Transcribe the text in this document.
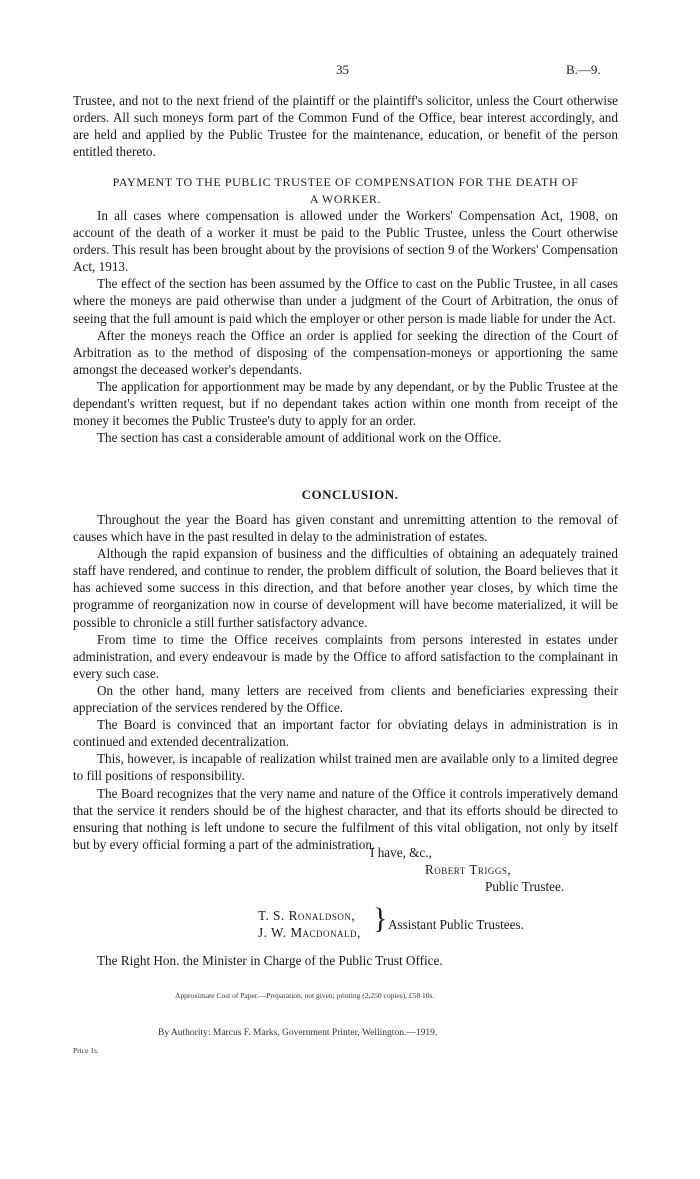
35	B.—9.

Trustee, and not to the next friend of the plaintiff or the plaintiff's solicitor, unless the Court otherwise orders. All such moneys form part of the Common Fund of the Office, bear interest accordingly, and are held and applied by the Public Trustee for the maintenance, education, or benefit of the person entitled thereto.

PAYMENT TO THE PUBLIC TRUSTEE OF COMPENSATION FOR THE DEATH OF
A WORKER.

In all cases where compensation is allowed under the Workers' Compensation Act, 1908, on account of the death of a worker it must be paid to the Public Trustee, unless the Court otherwise orders. This result has been brought about by the provisions of section 9 of the Workers' Compensation Act, 1913.

The effect of the section has been assumed by the Office to cast on the Public Trustee, in all cases where the moneys are paid otherwise than under a judgment of the Court of Arbitration, the onus of seeing that the full amount is paid which the employer or other person is made liable for under the Act.

After the moneys reach the Office an order is applied for seeking the direction of the Court of Arbitration as to the method of disposing of the compensation-moneys or apportioning the same amongst the deceased worker's dependants.

The application for apportionment may be made by any dependant, or by the Public Trustee at the dependant's written request, but if no dependant takes action within one month from receipt of the money it becomes the Public Trustee's duty to apply for an order.

The section has cast a considerable amount of additional work on the Office.

CONCLUSION.

Throughout the year the Board has given constant and unremitting attention to the removal of causes which have in the past resulted in delay to the administration of estates.

Although the rapid expansion of business and the difficulties of obtaining an adequately trained staff have rendered, and continue to render, the problem difficult of solution, the Board believes that it has achieved some success in this direction, and that before another year closes, by which time the programme of reorganization now in course of development will have become materialized, it will be possible to chronicle a still further satisfactory advance.

From time to time the Office receives complaints from persons interested in estates under administration, and every endeavour is made by the Office to afford satisfaction to the complainant in every such case.

On the other hand, many letters are received from clients and beneficiaries expressing their appreciation of the services rendered by the Office.

The Board is convinced that an important factor for obviating delays in administration is in continued and extended decentralization.

This, however, is incapable of realization whilst trained men are available only to a limited degree to fill positions of responsibility.

The Board recognizes that the very name and nature of the Office it controls imperatively demand that the service it renders should be of the highest character, and that its efforts should be directed to ensuring that nothing is left undone to secure the fulfilment of this vital obligation, not only by itself but by every official forming a part of the administration.

I have, &c.,
Robert Triggs,
Public Trustee.
T. S. Ronaldson,
J. W. Macdonald, } Assistant Public Trustees.
The Right Hon. the Minister in Charge of the Public Trust Office.
Approximate Cost of Paper.—Preparation, not given; printing (2,250 copies), £58 10s.
By Authority: Marcus F. Marks, Government Printer, Wellington.—1919.
Price 1s.
